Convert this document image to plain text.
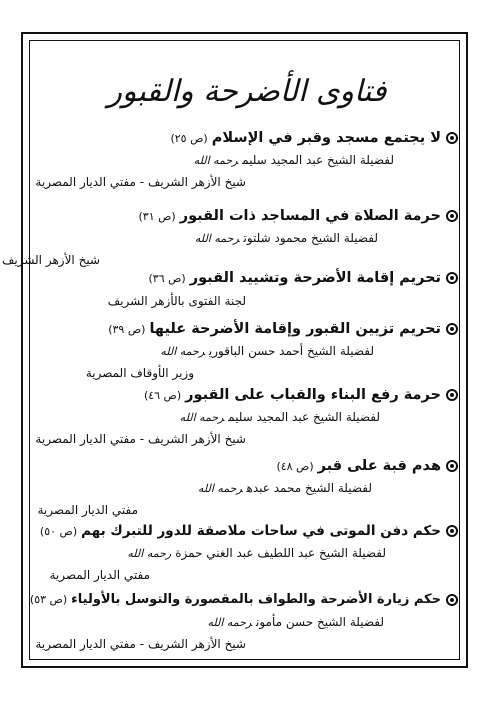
فتاوى الأضرحة والقبور
لا يجتمع مسجد وقبر في الإسلام(ص ٢٥)
لفضيلة الشيخ عبد المجيد سليمرحمه الله
شيخ الأزهر الشريف - مفتي الديار المصرية
حرمة الصلاة في المساجد ذات القبور(ص ٣١)
لفضيلة الشيخ محمود شلتوترحمه الله
شيخ الأزهر الشريف
تحريم إقامة الأضرحة وتشييد القبور(ص ٣٦)
لجنة الفتوى بالأزهر الشريف
تحريم تزيين القبور وإقامة الأضرحة عليها(ص ٣٩)
لفضيلة الشيخ أحمد حسن الباقوريرحمه الله
وزير الأوقاف المصرية
حرمة رفع البناء والقباب على القبور(ص ٤٦)
لفضيلة الشيخ عبد المجيد سليمرحمه الله
شيخ الأزهر الشريف - مفتي الديار المصرية
هدم قبة على قبر(ص ٤٨)
لفضيلة الشيخ محمد عبدهرحمه الله
مفتي الديار المصرية
حكم دفن الموتى في ساحات ملاصقة للدور للتبرك بهم(ص ٥٠)
لفضيلة الشيخ عبد اللطيف عبد الغني حمزةرحمه الله
مفتي الديار المصرية
حكم زيارة الأضرحة والطواف بالمقصورة والتوسل بالأولياء(ص ٥٣)
لفضيلة الشيخ حسن مأمونرحمه الله
شيخ الأزهر الشريف - مفتي الديار المصرية
